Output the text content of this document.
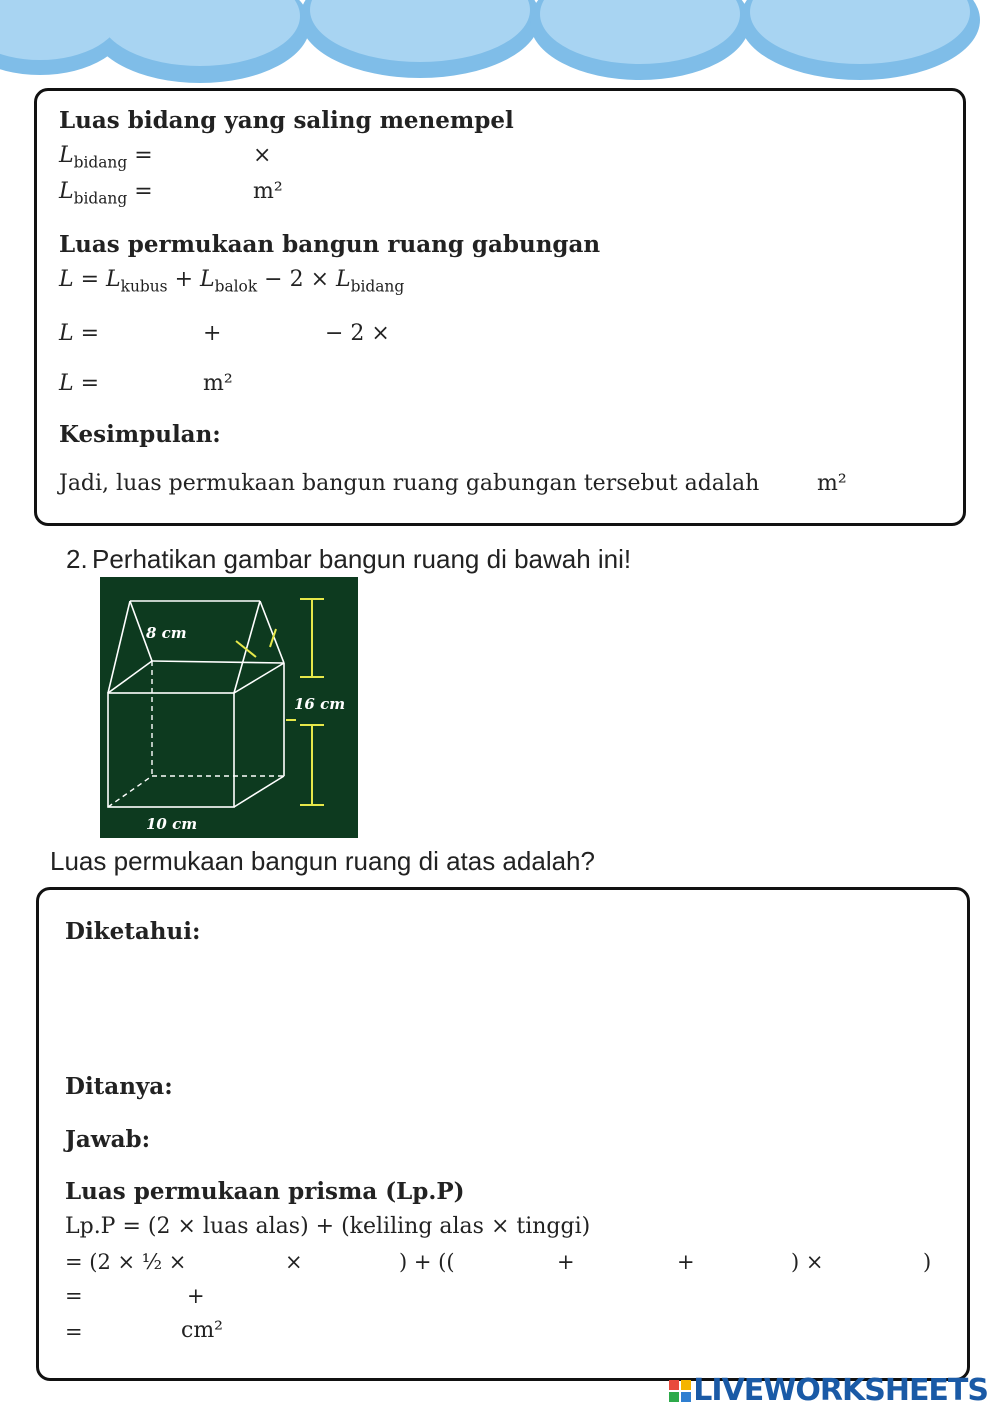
Luas bidang yang saling menempel
$L_{bidang}$ =	×
$L_{bidang}$ =	m²
Luas permukaan bangun ruang gabungan
$L = L_{kubus} + L_{balok} - 2 \times L_{bidang}$
L =	+	− 2 ×
L =	m²
Kesimpulan:
Jadi, luas permukaan bangun ruang gabungan tersebut adalah	m²
2. Perhatikan gambar bangun ruang di bawah ini!
8 cm
16 cm
10 cm
Luas permukaan bangun ruang di atas adalah?
Diketahui:
Ditanya:
Jawab:
Luas permukaan prisma (Lp.P)
Lp.P = (2 × luas alas) + (keliling alas × tinggi)
= (2 × ½ ×	×	) + ((	+	+	) ×	)
=	+
=	cm²
LIVEWORKSHEETS
